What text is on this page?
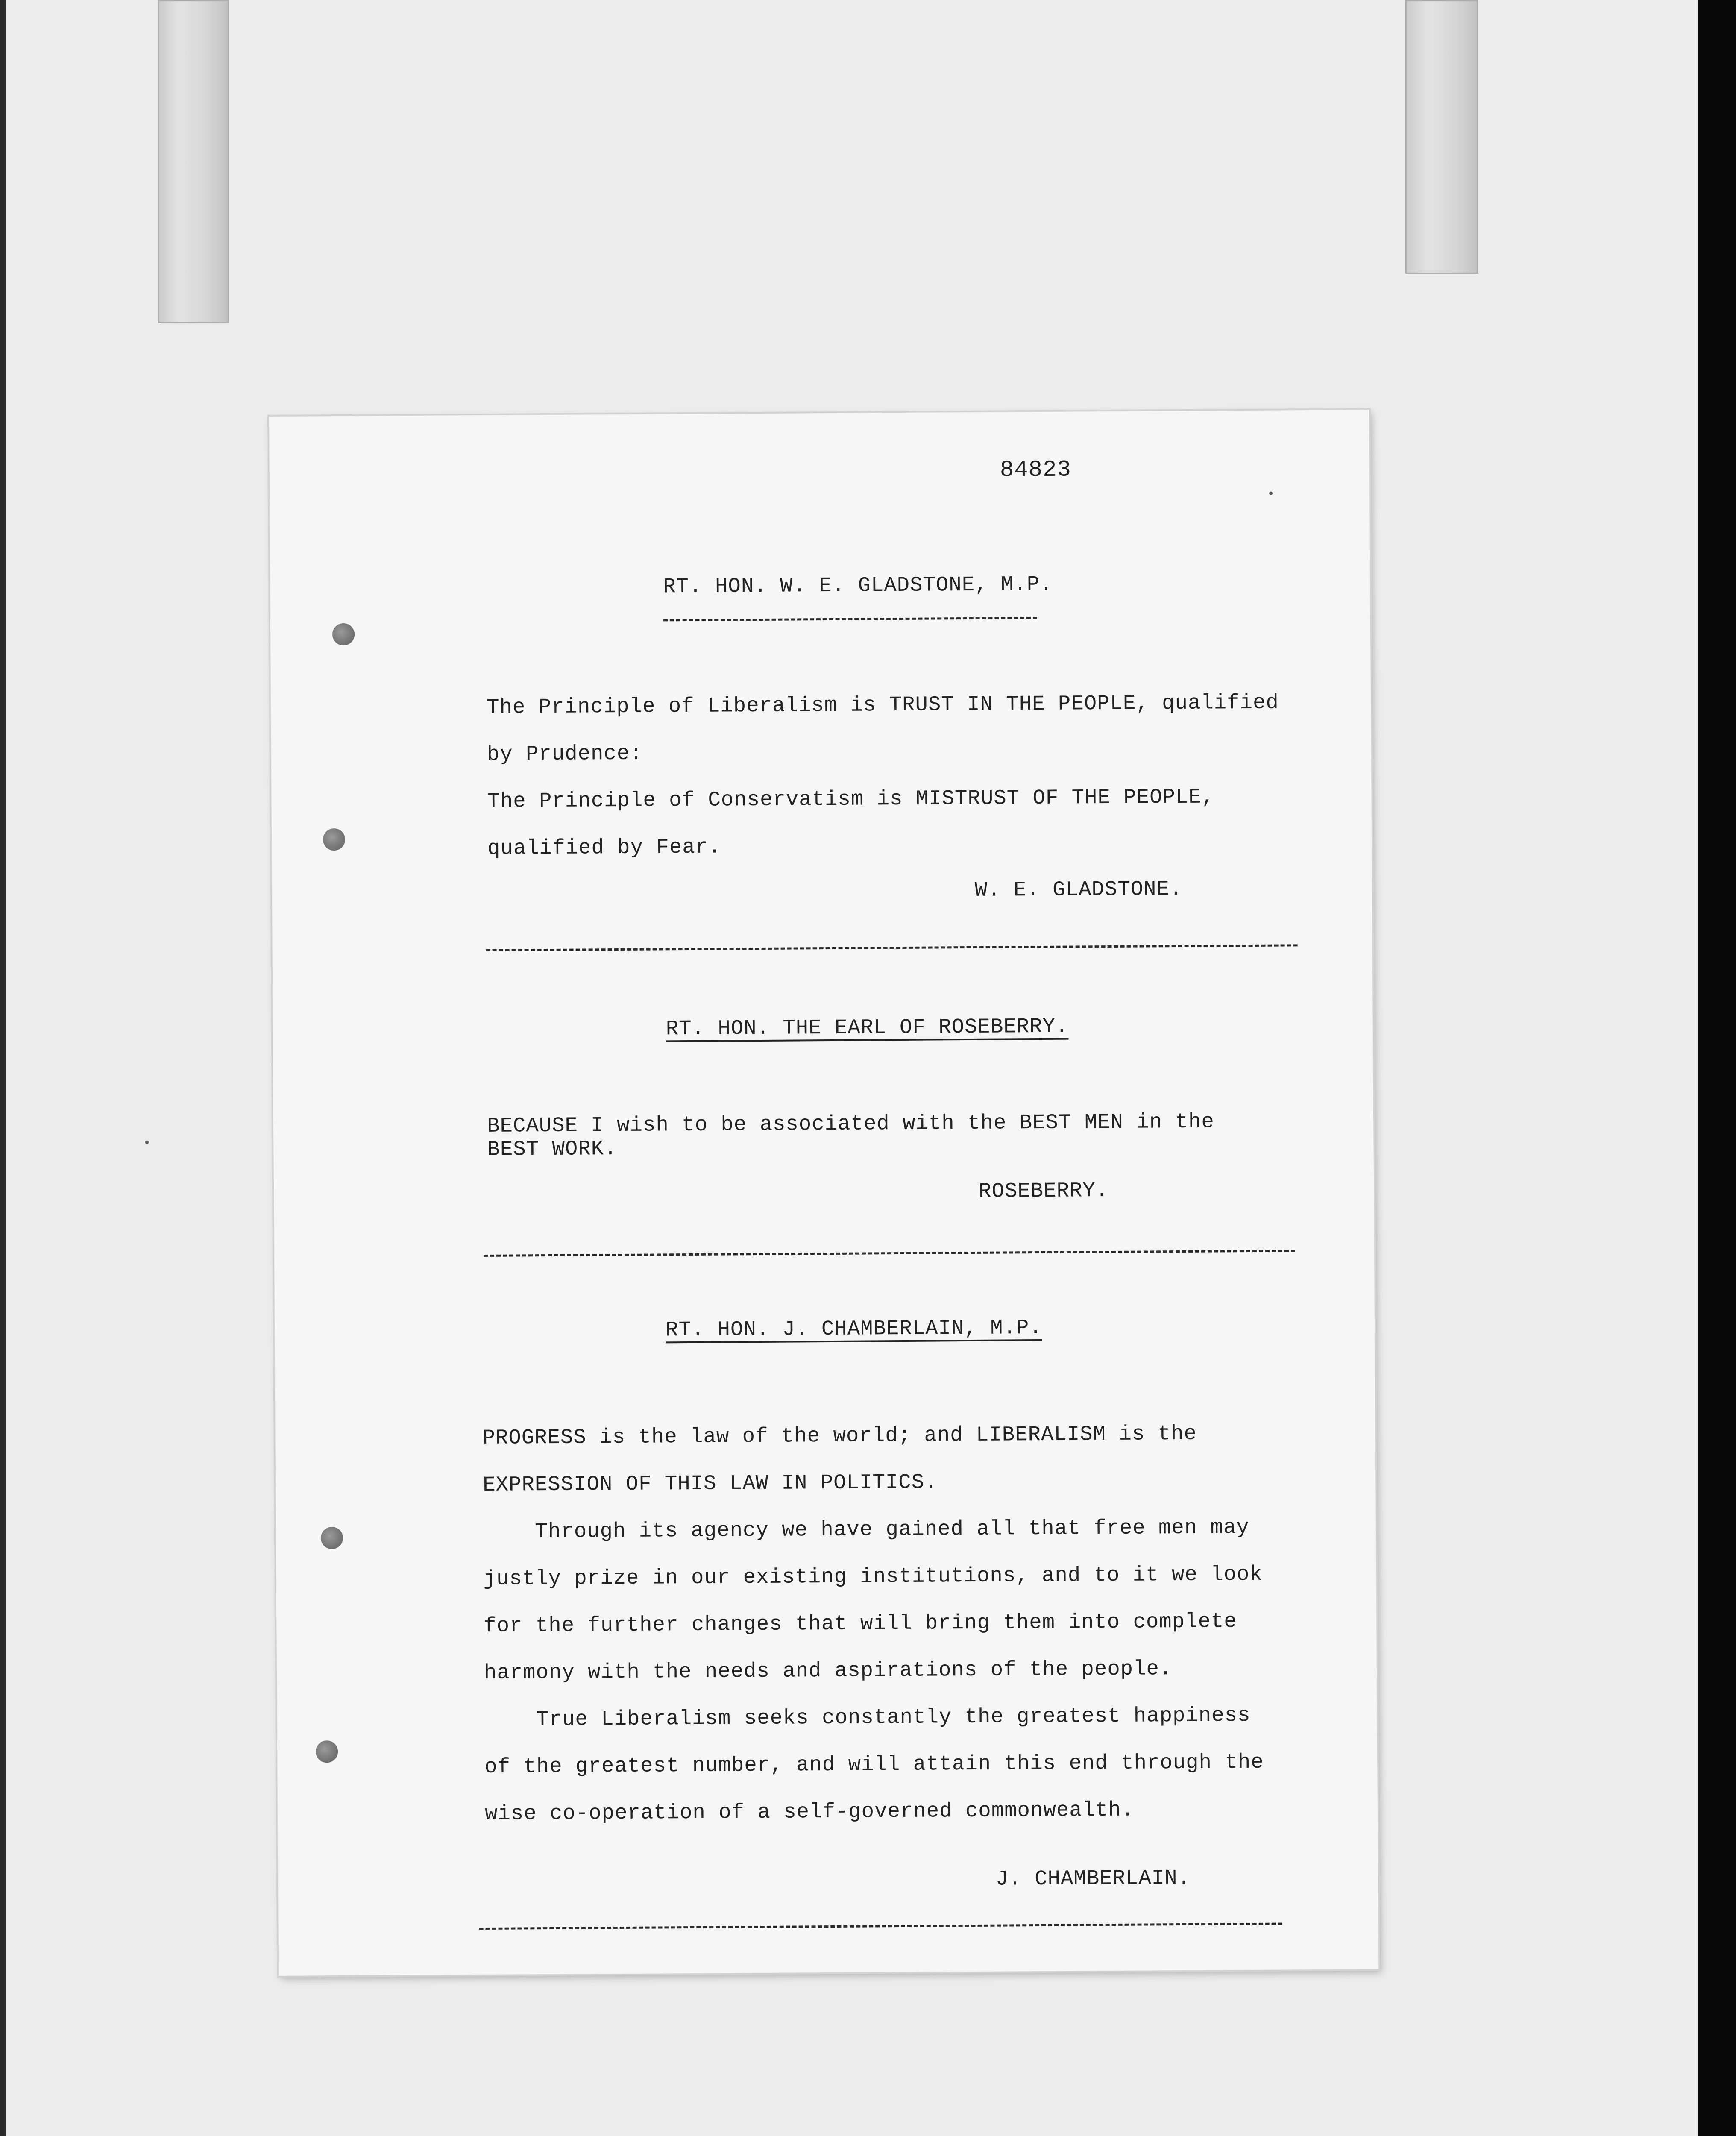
84823
RT. HON. W. E. GLADSTONE, M.P.
The Principle of Liberalism is TRUST IN THE PEOPLE, qualified
by Prudence:
The Principle of Conservatism is MISTRUST OF THE PEOPLE,
qualified by Fear.
W. E. GLADSTONE.
RT. HON. THE EARL OF ROSEBERRY.
BECAUSE I wish to be associated with the BEST MEN in the
BEST WORK.
ROSEBERRY.
RT. HON. J. CHAMBERLAIN, M.P.
PROGRESS is the law of the world; and LIBERALISM is the
EXPRESSION OF THIS LAW IN POLITICS.
Through its agency we have gained all that free men may
justly prize in our existing institutions, and to it we look
for the further changes that will bring them into complete
harmony with the needs and aspirations of the people.
True Liberalism seeks constantly the greatest happiness
of the greatest number, and will attain this end through the
wise co-operation of a self-governed commonwealth.
J. CHAMBERLAIN.
